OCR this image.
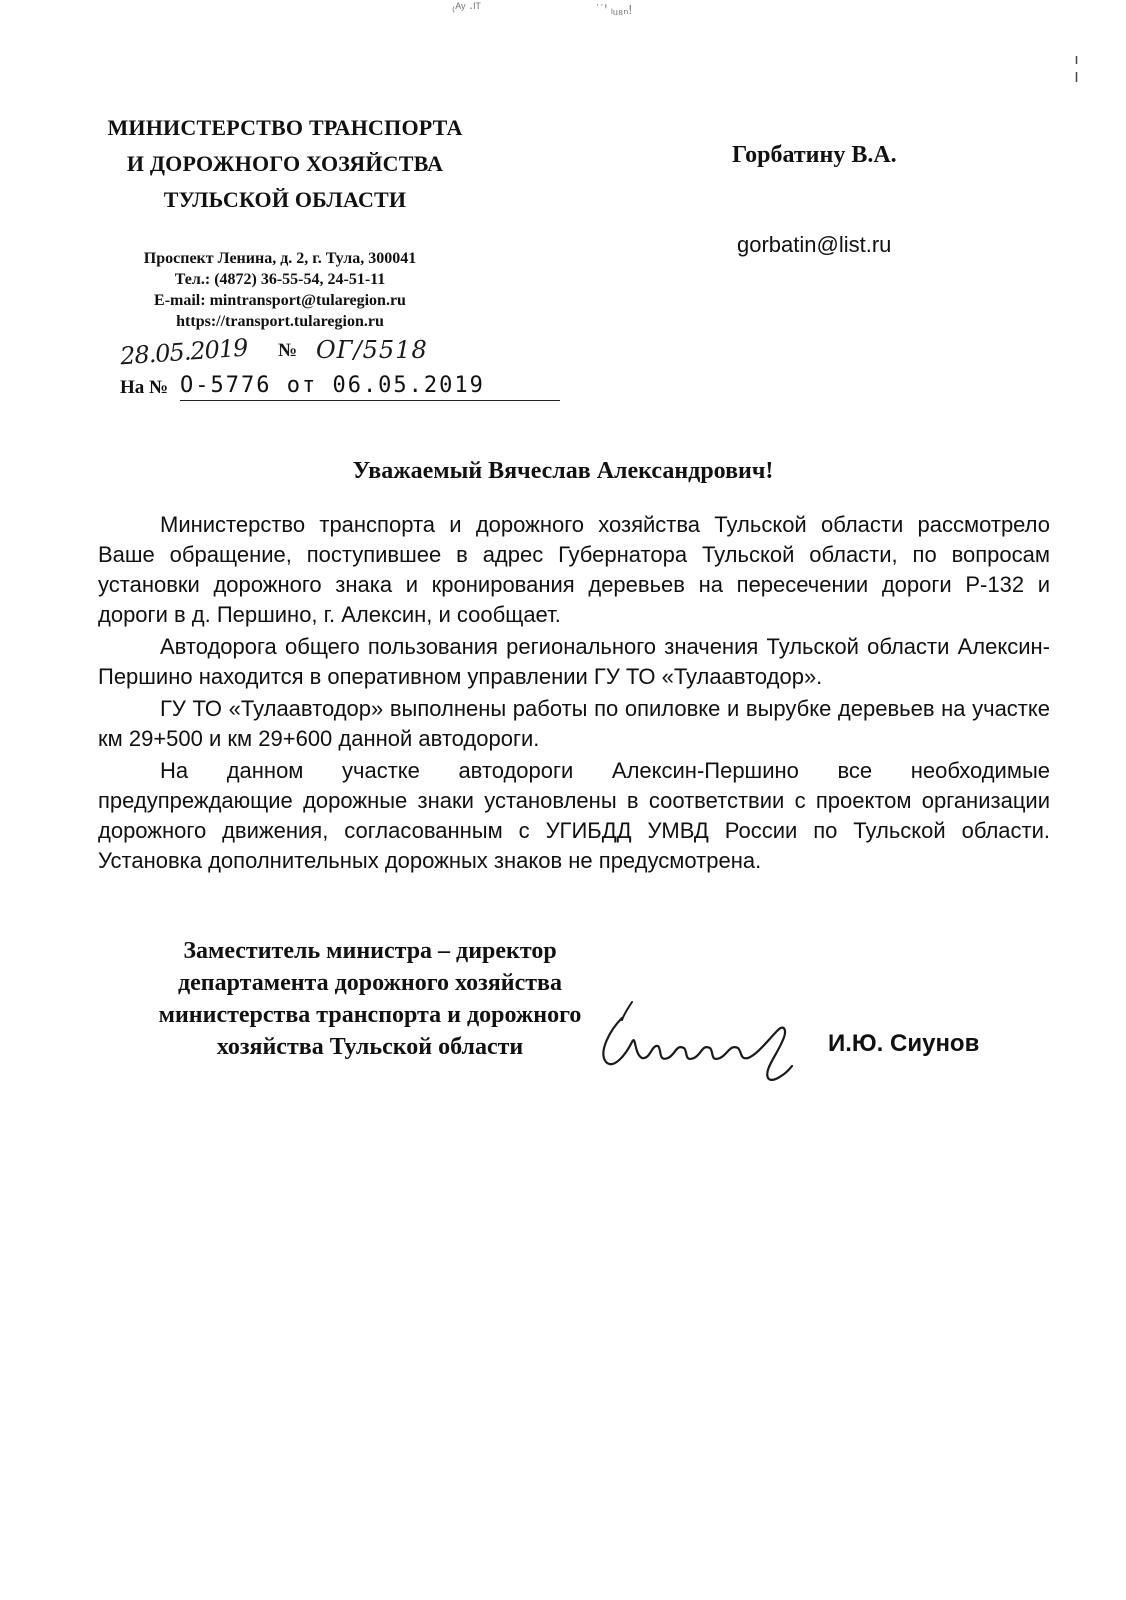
₍ᴬʸ ·ᴵᵀ	˙˙ꞌ ₗᵤ₈ₙ!
МИНИСТЕРСТВО ТРАНСПОРТА
И ДОРОЖНОГО ХОЗЯЙСТВА
ТУЛЬСКОЙ ОБЛАСТИ
Проспект Ленина, д. 2, г. Тула, 300041
Тел.: (4872) 36-55-54, 24-51-11
E-mail: mintransport@tularegion.ru
https://transport.tularegion.ru
Горбатину В.А.
gorbatin@list.ru
28.05.2019 № ОГ/5518
На № О-5776 от 06.05.2019
Уважаемый Вячеслав Александрович!

Министерство транспорта и дорожного хозяйства Тульской области рассмотрело Ваше обращение, поступившее в адрес Губернатора Тульской области, по вопросам установки дорожного знака и кронирования деревьев на пересечении дороги Р-132 и дороги в д. Першино, г. Алексин, и сообщает.

Автодорога общего пользования регионального значения Тульской области Алексин-Першино находится в оперативном управлении ГУ ТО «Тулаавтодор».

ГУ ТО «Тулаавтодор» выполнены работы по опиловке и вырубке деревьев на участке км 29+500 и км 29+600 данной автодороги.

На данном участке автодороги Алексин-Першино все необходимые предупреждающие дорожные знаки установлены в соответствии с проектом организации дорожного движения, согласованным с УГИБДД УМВД России по Тульской области. Установка дополнительных дорожных знаков не предусмотрена.

Заместитель министра – директор
департамента дорожного хозяйства
министерства транспорта и дорожного
хозяйства Тульской области	И.Ю. Сиунов
